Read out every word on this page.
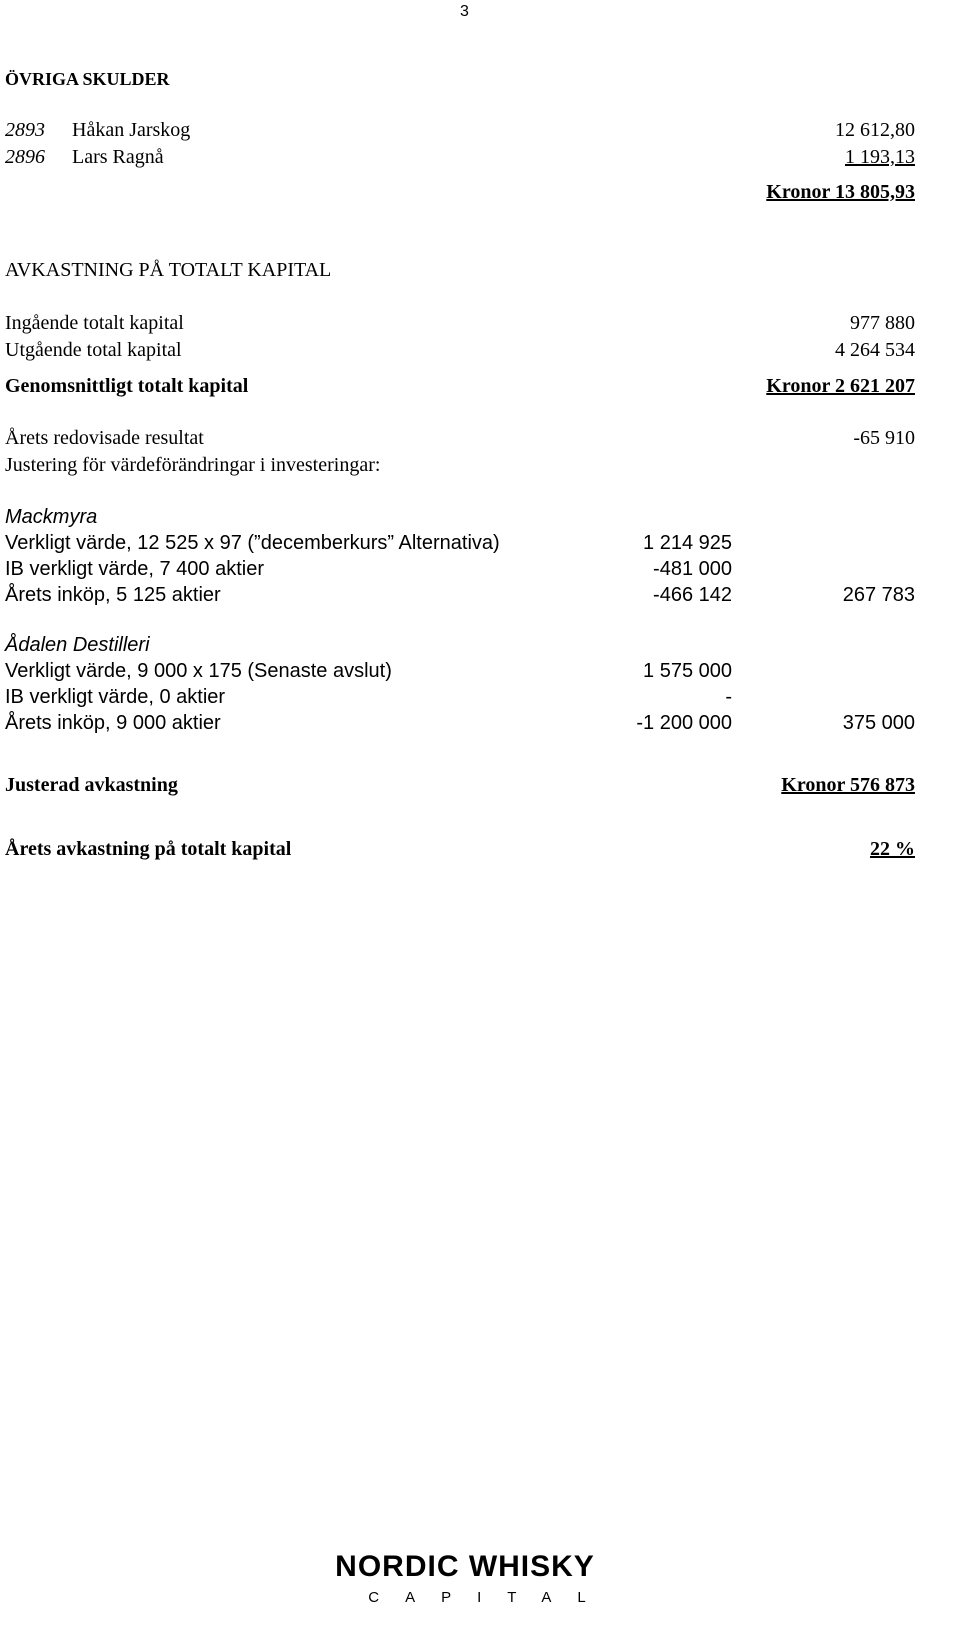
3
ÖVRIGA SKULDER
2893 Håkan Jarskog	12 612,80
2896 Lars Ragnå	1 193,13
Kronor 13 805,93
AVKASTNING PÅ TOTALT KAPITAL
Ingående totalt kapital	977 880
Utgående total kapital	4 264 534
Genomsnittligt totalt kapital	Kronor 2 621 207
Årets redovisade resultat	-65 910
Justering för värdeförändringar i investeringar:
Mackmyra
Verkligt värde, 12 525 x 97 (”decemberkurs” Alternativa)	1 214 925
IB verkligt värde, 7 400 aktier	-481 000
Årets inköp, 5 125 aktier	-466 142	267 783
Ådalen Destilleri
Verkligt värde, 9 000 x 175 (Senaste avslut)	1 575 000
IB verkligt värde, 0 aktier	-
Årets inköp, 9 000 aktier	-1 200 000	375 000
Justerad avkastning	Kronor 576 873
Årets avkastning på totalt kapital	22 %
NORDIC WHISKY
CAPITAL
